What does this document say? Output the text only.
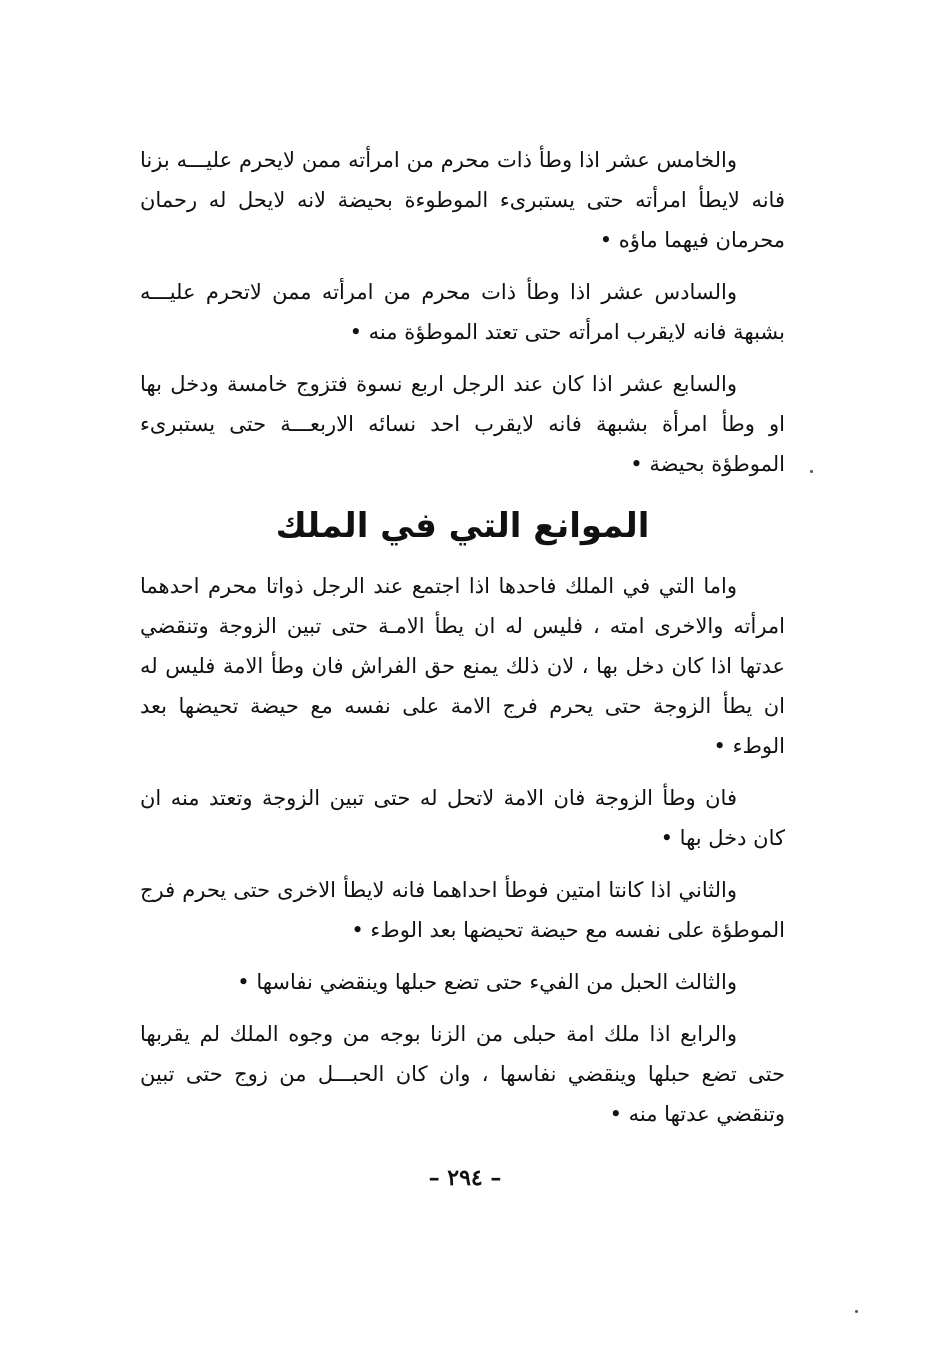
والخامس عشر اذا وطأ ذات محرم من امرأته ممن لايحرم عليـــه بزنا فانه لايطأ امرأته حتى يستبرىء الموطوءة بحيضة لانه لايحل له رحمان محرمان فيهما ماؤه •

والسادس عشر اذا وطأ ذات محرم من امرأته ممن لاتحرم عليـــه بشبهة فانه لايقرب امرأته حتى تعتد الموطؤة منه •

والسابع عشر اذا كان عند الرجل اربع نسوة فتزوج خامسة ودخل بها او وطأ امرأة بشبهة فانه لايقرب احد نسائه الاربعـــة حتى يستبرىء الموطؤة بحيضة •

الموانع التي في الملك

واما التي في الملك فاحدها اذا اجتمع عند الرجل ذواتا محرم احدهما امرأته والاخرى امته ، فليس له ان يطأ الامـة حتى تبين الزوجة وتنقضي عدتها اذا كان دخل بها ، لان ذلك يمنع حق الفراش فان وطأ الامة فليس له ان يطأ الزوجة حتى يحرم فرج الامة على نفسه مع حيضة تحيضها بعد الوطء •

فان وطأ الزوجة فان الامة لاتحل له حتى تبين الزوجة وتعتد منه ان كان دخل بها •

والثاني اذا كانتا امتين فوطأ احداهما فانه لايطأ الاخرى حتى يحرم فرج الموطؤة على نفسه مع حيضة تحيضها بعد الوطء •

والثالث الحبل من الفيء حتى تضع حبلها وينقضي نفاسها •

والرابع اذا ملك امة حبلى من الزنا بوجه من وجوه الملك لم يقربها حتى تضع حبلها وينقضي نفاسها ، وان كان الحبـــل من زوج حتى تبين وتنقضي عدتها منه •

– ٢٩٤ –
